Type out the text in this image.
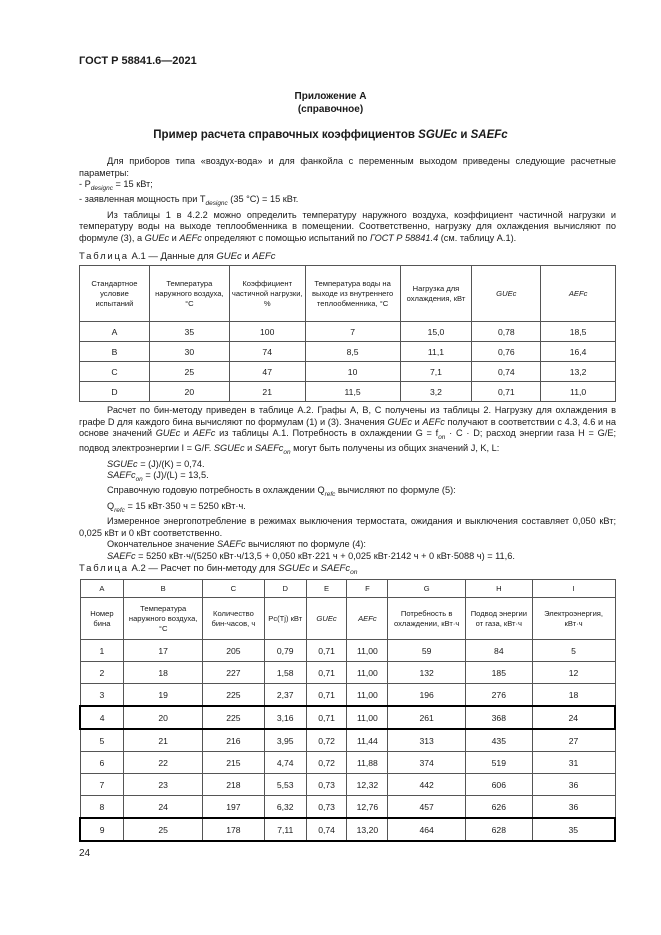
ГОСТ Р 58841.6—2021
Приложение А
(справочное)
Пример расчета справочных коэффициентов SGUEc и SAEFc

Для приборов типа «воздух-вода» и для фанкойла с переменным выходом приведены следующие расчетные параметры:

- $P_{designc} = 15$ кВт;

- заявленная мощность при $T_{designc}$ (35 °C) = 15 кВт.

Из таблицы 1 в 4.2.2 можно определить температуру наружного воздуха, коэффициент частичной нагрузки и температуру воды на выходе теплообменника в помещении. Соответственно, нагрузку для охлаждения вычисляют по формуле (3), а GUEc и AEFc определяют с помощью испытаний по ГОСТ Р 58841.4 (см. таблицу А.1).

Таблица А.1 — Данные для GUEc и AEFc
Стандартное условие испытаний	Температура наружного воздуха, °C	Коэффициент частичной нагрузки, %	Температура воды на выходе из внутреннего теплообменника, °C	Нагрузка для охлаждения, кВт	GUEc	AEFc
A	35	100	7	15,0	0,78	18,5
B	30	74	8,5	11,1	0,76	16,4
C	25	47	10	7,1	0,74	13,2
D	20	21	11,5	3,2	0,71	11,0

Расчет по бин-методу приведен в таблице А.2. Графы А, В, С получены из таблицы 2. Нагрузку для охлаждения в графе D для каждого бина вычисляют по формулам (1) и (3). Значения GUEc и AEFc получают в соответствии с 4.3, 4.6 и на основе значений GUEc и AEFc из таблицы А.1. Потребность в охлаждении $G = f_{on} \cdot C \cdot D$; расход энергии газа H = G/E; подвод электроэнергии I = G/F. SGUEc и SAEFc$_{on}$ могут быть получены из общих значений J, K, L:

SGUEc = (J)/(K) = 0,74.

SAEFc$_{on}$ = (J)/(L) = 13,5.

Справочную годовую потребность в охлаждении $Q_{refc}$ вычисляют по формуле (5):

$Q_{refc} = 15$ кВт·350 ч = 5250 кВт·ч.

Измеренное энергопотребление в режимах выключения термостата, ожидания и выключения составляет 0,050 кВт; 0,025 кВт и 0 кВт соответственно.

Окончательное значение SAEFc вычисляют по формуле (4):

SAEFc = 5250 кВт·ч/(5250 кВт·ч/13,5 + 0,050 кВт·221 ч + 0,025 кВт·2142 ч + 0 кВт·5088 ч) = 11,6.

Таблица А.2 — Расчет по бин-методу для SGUEc и SAEFc$_{on}$
A	B	C	D	E	F	G	H	I
Номер бина	Температура наружного воздуха, °C	Количество бин-часов, ч	Pc(Tj) кВт	GUEc	AEFc	Потребность в охлаждении, кВт·ч	Подвод энергии от газа, кВт·ч	Электроэнергия, кВт·ч
1	17	205	0,79	0,71	11,00	59	84	5
2	18	227	1,58	0,71	11,00	132	185	12
3	19	225	2,37	0,71	11,00	196	276	18
4	20	225	3,16	0,71	11,00	261	368	24
5	21	216	3,95	0,72	11,44	313	435	27
6	22	215	4,74	0,72	11,88	374	519	31
7	23	218	5,53	0,73	12,32	442	606	36
8	24	197	6,32	0,73	12,76	457	626	36
9	25	178	7,11	0,74	13,20	464	628	35
24
